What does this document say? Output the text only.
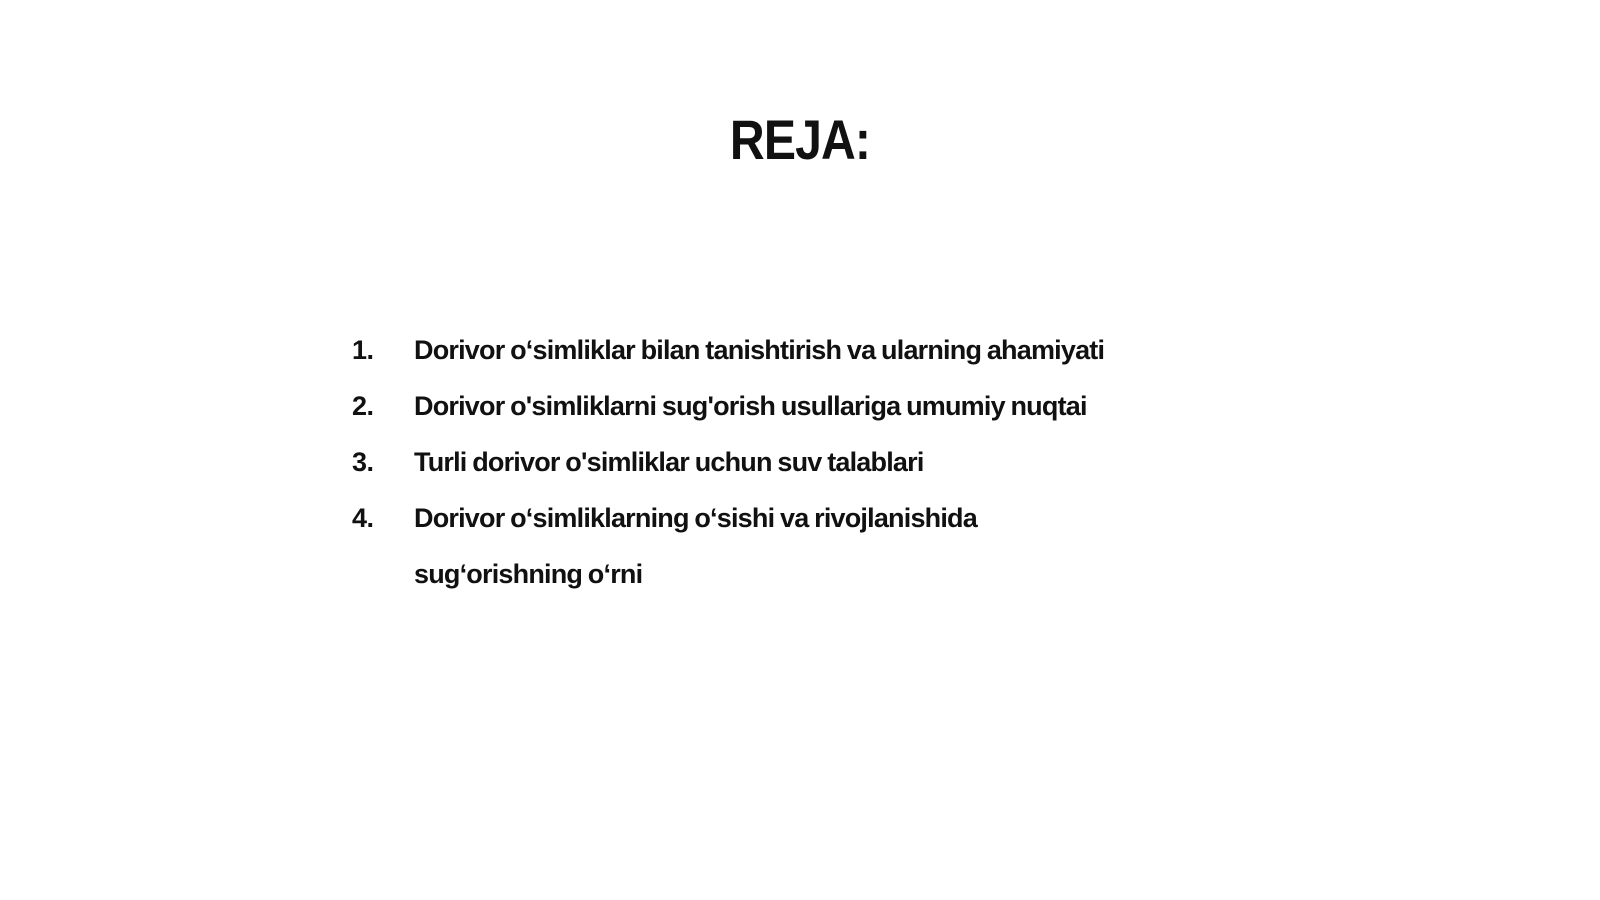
REJA:
1.	Dorivor o‘simliklar bilan tanishtirish va ularning ahamiyati
2.	Dorivor o'simliklarni sug'orish usullariga umumiy nuqtai
3.	Turli dorivor o'simliklar uchun suv talablari
4.	Dorivor o‘simliklarning o‘sishi va rivojlanishida sug‘orishning o‘rni
